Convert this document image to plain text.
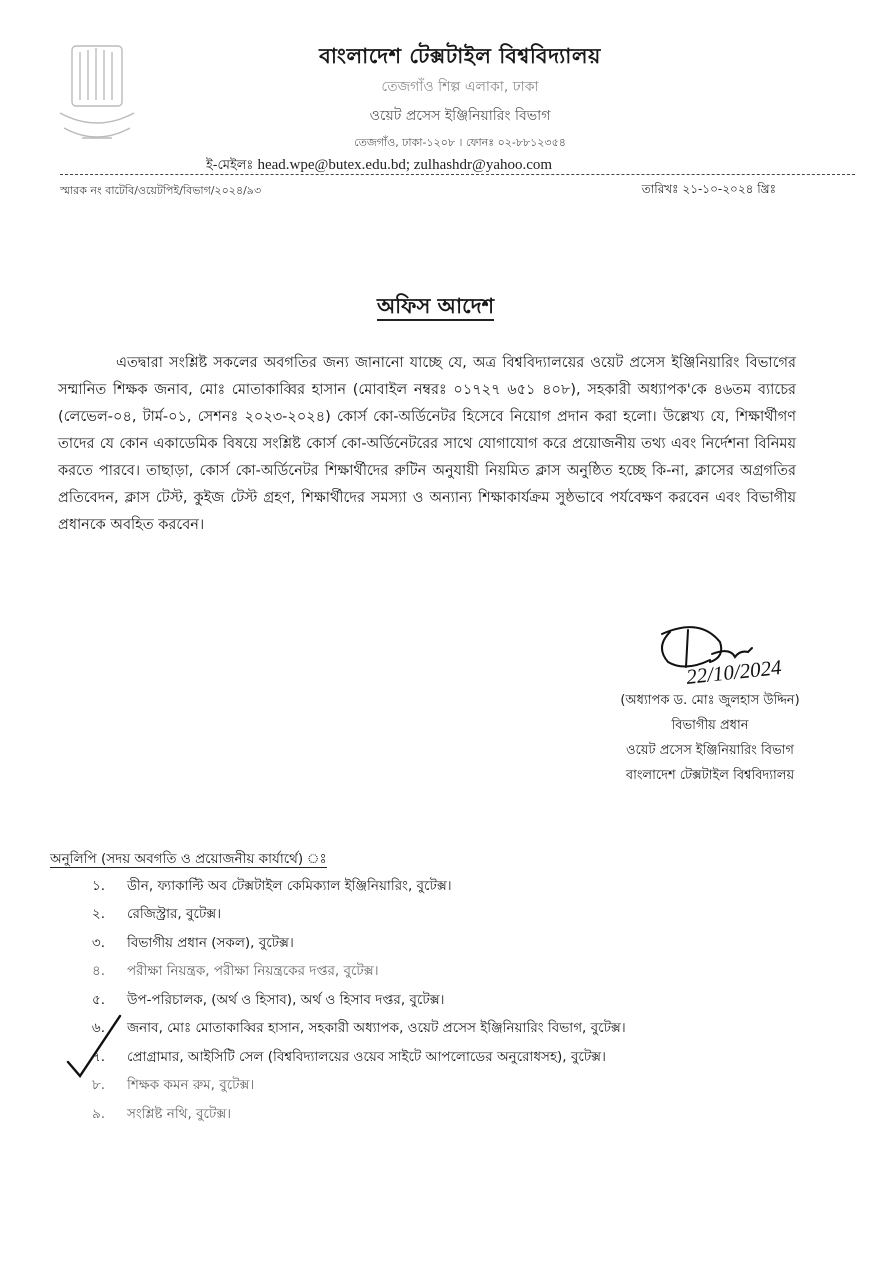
বাংলাদেশ টেক্সটাইল বিশ্ববিদ্যালয়
তেজগাঁও শিল্প এলাকা, ঢাকা
ওয়েট প্রসেস ইঞ্জিনিয়ারিং বিভাগ
তেজগাঁও, ঢাকা-১২০৮ । ফোনঃ ০২-৮৮১২৩৫৪
ই-মেইলঃ head.wpe@butex.edu.bd; zulhashdr@yahoo.com
স্মারক নং বাটেবি/ওয়েটপিই/বিভাগ/২০২৪/৯৩	তারিখঃ ২১-১০-২০২৪ খ্রিঃ
অফিস আদেশ
এতদ্বারা সংশ্লিষ্ট সকলের অবগতির জন্য জানানো যাচ্ছে যে, অত্র বিশ্ববিদ্যালয়ের ওয়েট প্রসেস ইঞ্জিনিয়ারিং বিভাগের সম্মানিত শিক্ষক জনাব, মোঃ মোতাকাব্বির হাসান (মোবাইল নম্বরঃ ০১৭২৭ ৬৫১ ৪০৮), সহকারী অধ্যাপক'কে ৪৬তম ব্যাচের (লেভেল-০৪, টার্ম-০১, সেশনঃ ২০২৩-২০২৪) কোর্স কো-অর্ডিনেটর হিসেবে নিয়োগ প্রদান করা হলো। উল্লেখ্য যে, শিক্ষার্থীগণ তাদের যে কোন একাডেমিক বিষয়ে সংশ্লিষ্ট কোর্স কো-অর্ডিনেটরের সাথে যোগাযোগ করে প্রয়োজনীয় তথ্য এবং নির্দেশনা বিনিময় করতে পারবে। তাছাড়া, কোর্স কো-অর্ডিনেটর শিক্ষার্থীদের রুটিন অনুযায়ী নিয়মিত ক্লাস অনুষ্ঠিত হচ্ছে কি-না, ক্লাসের অগ্রগতির প্রতিবেদন, ক্লাস টেস্ট, কুইজ টেস্ট গ্রহণ, শিক্ষার্থীদের সমস্যা ও অন্যান্য শিক্ষাকার্যক্রম সুষ্ঠভাবে পর্যবেক্ষণ করবেন এবং বিভাগীয় প্রধানকে অবহিত করবেন।
22/10/2024
(অধ্যাপক ড. মোঃ জুলহাস উদ্দিন)
বিভাগীয় প্রধান
ওয়েট প্রসেস ইঞ্জিনিয়ারিং বিভাগ
বাংলাদেশ টেক্সটাইল বিশ্ববিদ্যালয়
অনুলিপি (সদয় অবগতি ও প্রয়োজনীয় কার্যার্থে) ঃ
১.	ডীন, ফ্যাকাল্টি অব টেক্সটাইল কেমিক্যাল ইঞ্জিনিয়ারিং, বুটেক্স।
২.	রেজিস্ট্রার, বুটেক্স।
৩.	বিভাগীয় প্রধান (সকল), বুটেক্স।
৪.	পরীক্ষা নিয়ন্ত্রক, পরীক্ষা নিয়ন্ত্রকের দপ্তর, বুটেক্স।
৫.	উপ-পরিচালক, (অর্থ ও হিসাব), অর্থ ও হিসাব দপ্তর, বুটেক্স।
৬.	জনাব, মোঃ মোতাকাব্বির হাসান, সহকারী অধ্যাপক, ওয়েট প্রসেস ইঞ্জিনিয়ারিং বিভাগ, বুটেক্স।
৭.	প্রোগ্রামার, আইসিটি সেল (বিশ্ববিদ্যালয়ের ওয়েব সাইটে আপলোডের অনুরোধসহ), বুটেক্স।
৮.	শিক্ষক কমন রুম, বুটেক্স।
৯.	সংশ্লিষ্ট নথি, বুটেক্স।
